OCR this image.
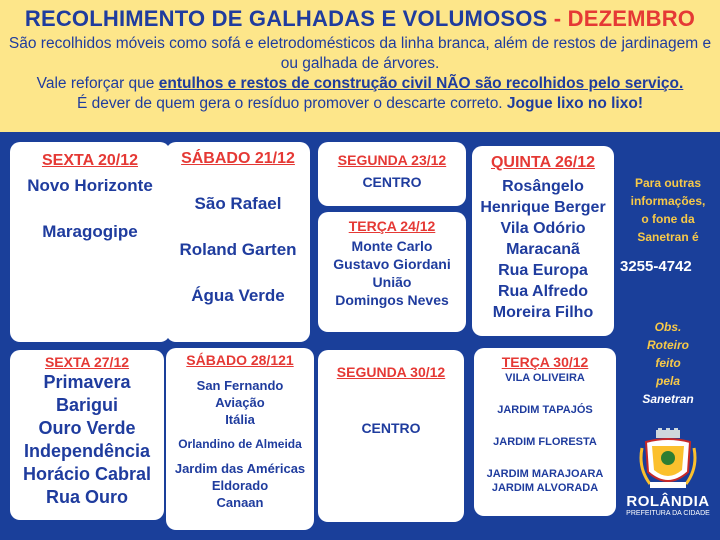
RECOLHIMENTO DE GALHADAS E VOLUMOSOS - DEZEMBRO
São recolhidos móveis como sofá e eletrodomésticos da linha branca, além de restos de jardinagem e ou galhada de árvores.
Vale reforçar que entulhos e restos de construção civil NÃO são recolhidos pelo serviço.
É dever de quem gera o resíduo promover o descarte correto. Jogue lixo no lixo!
SEXTA 20/12
Novo Horizonte
Maragogipe
SÁBADO 21/12
São Rafael
Roland Garten
Água Verde
SEGUNDA 23/12
CENTRO
TERÇA 24/12
Monte Carlo
Gustavo Giordani
União
Domingos Neves
QUINTA 26/12
Rosângelo
Henrique Berger
Vila Odório
Maracanã
Rua Europa
Rua Alfredo
Moreira Filho
SEXTA 27/12
Primavera
Barigui
Ouro Verde
Independência
Horácio Cabral
Rua Ouro
SÁBADO 28/121
San Fernando
Aviação
Itália
Orlandino de Almeida
Jardim das Américas
Eldorado
Canaan
SEGUNDA 30/12
CENTRO
TERÇA 30/12
VILA OLIVEIRA
JARDIM TAPAJÓS
JARDIM FLORESTA
JARDIM MARAJOARA
JARDIM ALVORADA
Para outras
informações,
o fone da
Sanetran é
3255-4742
Obs.
Roteiro
feito
pela
Sanetran
ROLÂNDIA
PREFEITURA DA CIDADE
